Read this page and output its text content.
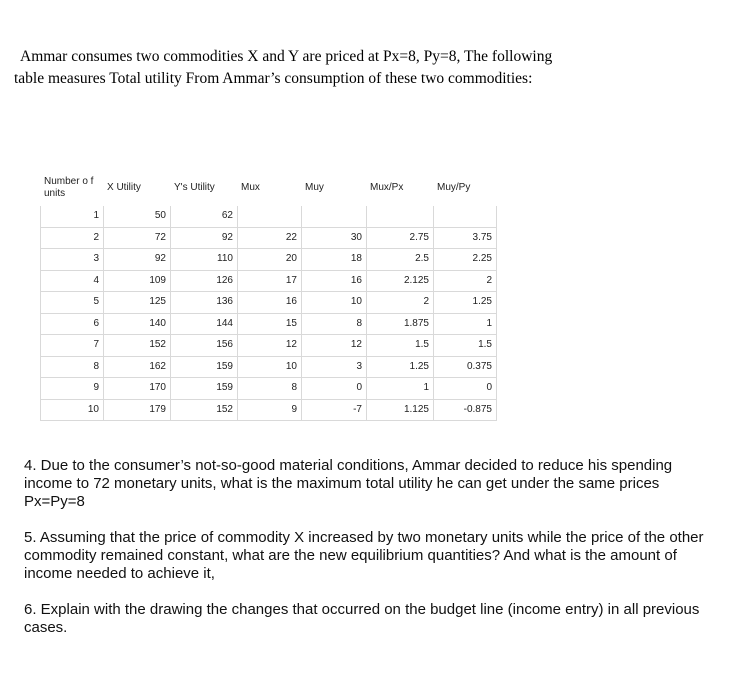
Ammar consumes two commodities X and Y are priced at Px=8, Py=8, The following
table measures Total utility From Ammar’s consumption of these two commodities:
Number o f units	X Utility	Y's Utility	Mux	Muy	Mux/Px	Muy/Py
1	50	62				
2	72	92	22	30	2.75	3.75
3	92	110	20	18	2.5	2.25
4	109	126	17	16	2.125	2
5	125	136	16	10	2	1.25
6	140	144	15	8	1.875	1
7	152	156	12	12	1.5	1.5
8	162	159	10	3	1.25	0.375
9	170	159	8	0	1	0
10	179	152	9	-7	1.125	-0.875

4. Due to the consumer’s not-so-good material conditions, Ammar decided to reduce his spending income to 72 monetary units, what is the maximum total utility he can get under the same prices Px=Py=8

5. Assuming that the price of commodity X increased by two monetary units while the price of the other commodity remained constant, what are the new equilibrium quantities? And what is the amount of income needed to achieve it,

6. Explain with the drawing the changes that occurred on the budget line (income entry) in all previous cases.
